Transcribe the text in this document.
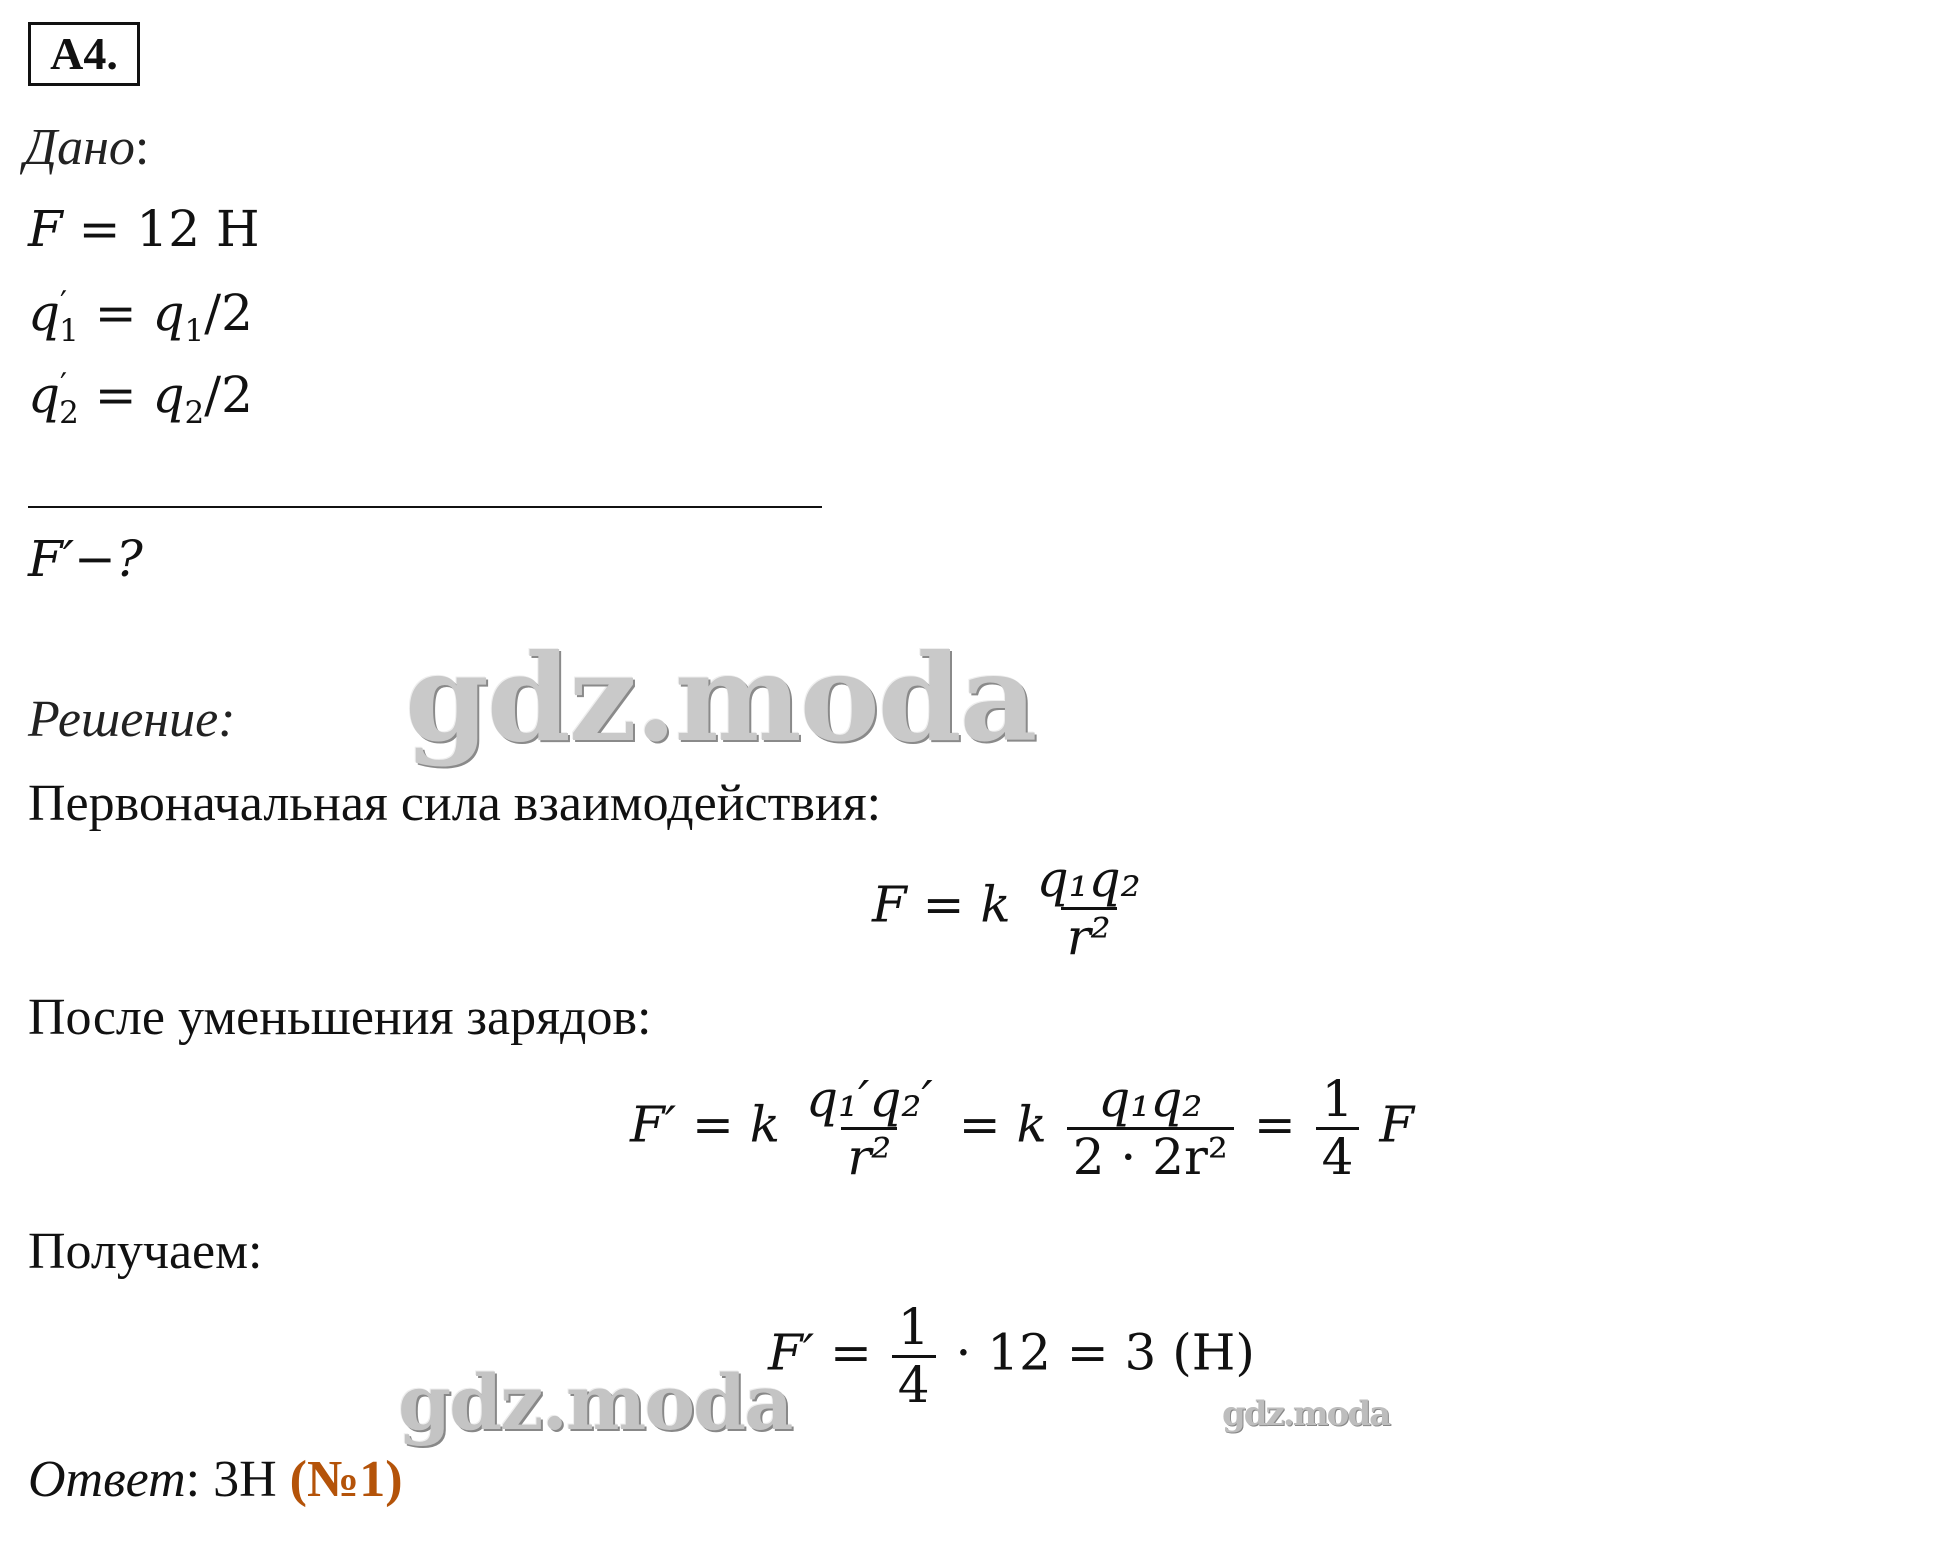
А4.
Дано:
F = 12 Н
$q'_1 = q_1/2$
$q'_2 = q_2/2$
F′−?
gdz.moda
Решение:
Первоначальная сила взаимодействия:
F = k $\frac{\text{q₁q₂}}{\text{r²}}$
После уменьшения зарядов:
F′ = k $\frac{\text{q₁′q₂′}}{\text{r²}} = k \frac{\text{q₁q₂}}{\text{2 · 2r²}} = \frac{1}{4}$ F
Получаем:
gdz.moda
$F' = \frac{1}{4} \cdot 12 = 3$ (Н)
gdz.moda
Ответ: 3Н (№1)
